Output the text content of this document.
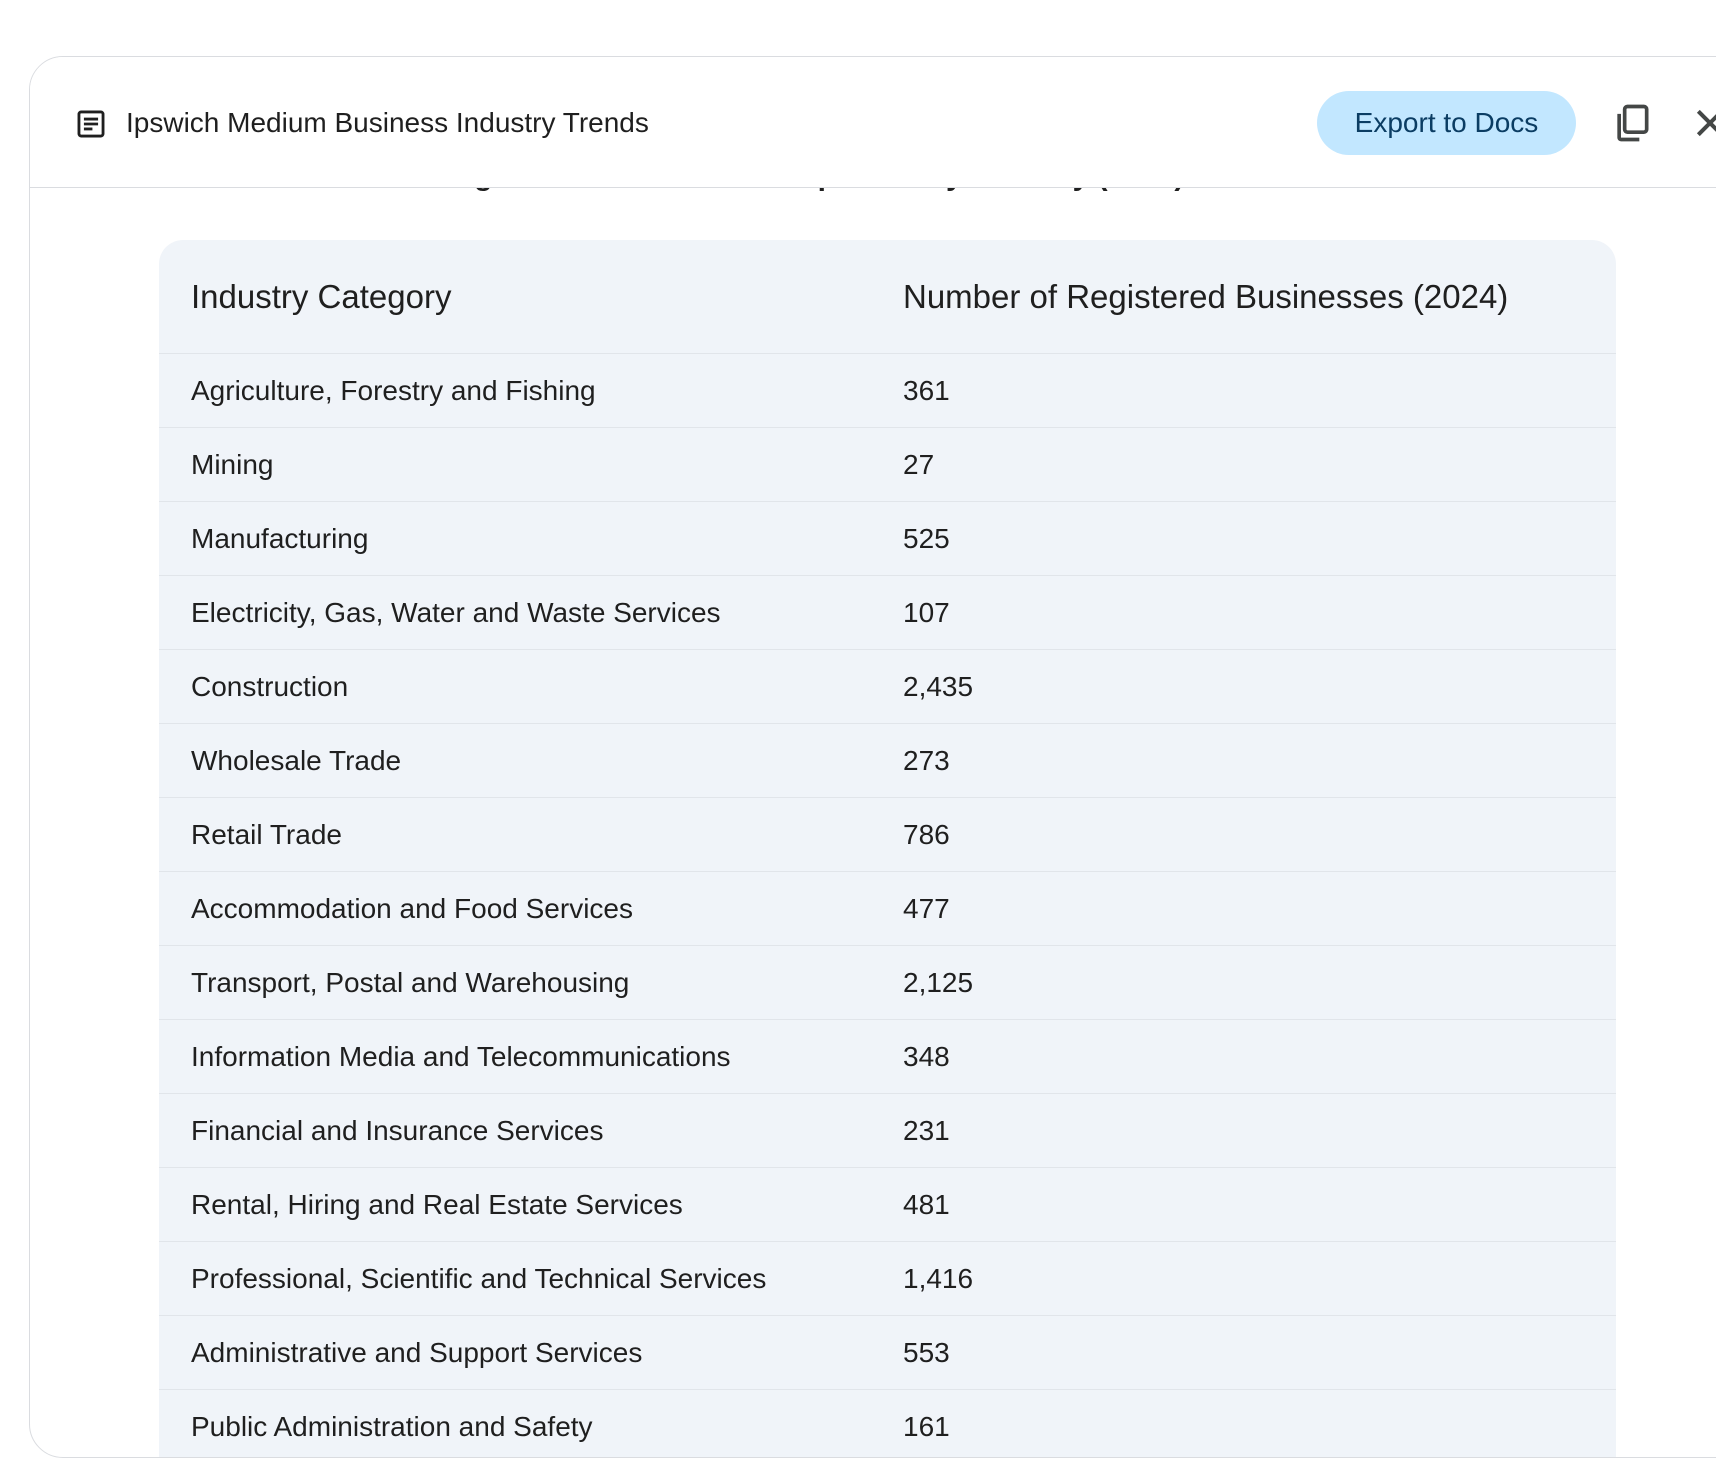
Industry Category	Number of Registered Businesses (2024)
Agriculture, Forestry and Fishing	361
Mining	27
Manufacturing	525
Electricity, Gas, Water and Waste Services	107
Construction	2,435
Wholesale Trade	273
Retail Trade	786
Accommodation and Food Services	477
Transport, Postal and Warehousing	2,125
Information Media and Telecommunications	348
Financial and Insurance Services	231
Rental, Hiring and Real Estate Services	481
Professional, Scientific and Technical Services	1,416
Administrative and Support Services	553
Public Administration and Safety	161
Ipswich Medium Business Industry Trends	Export to Docs
